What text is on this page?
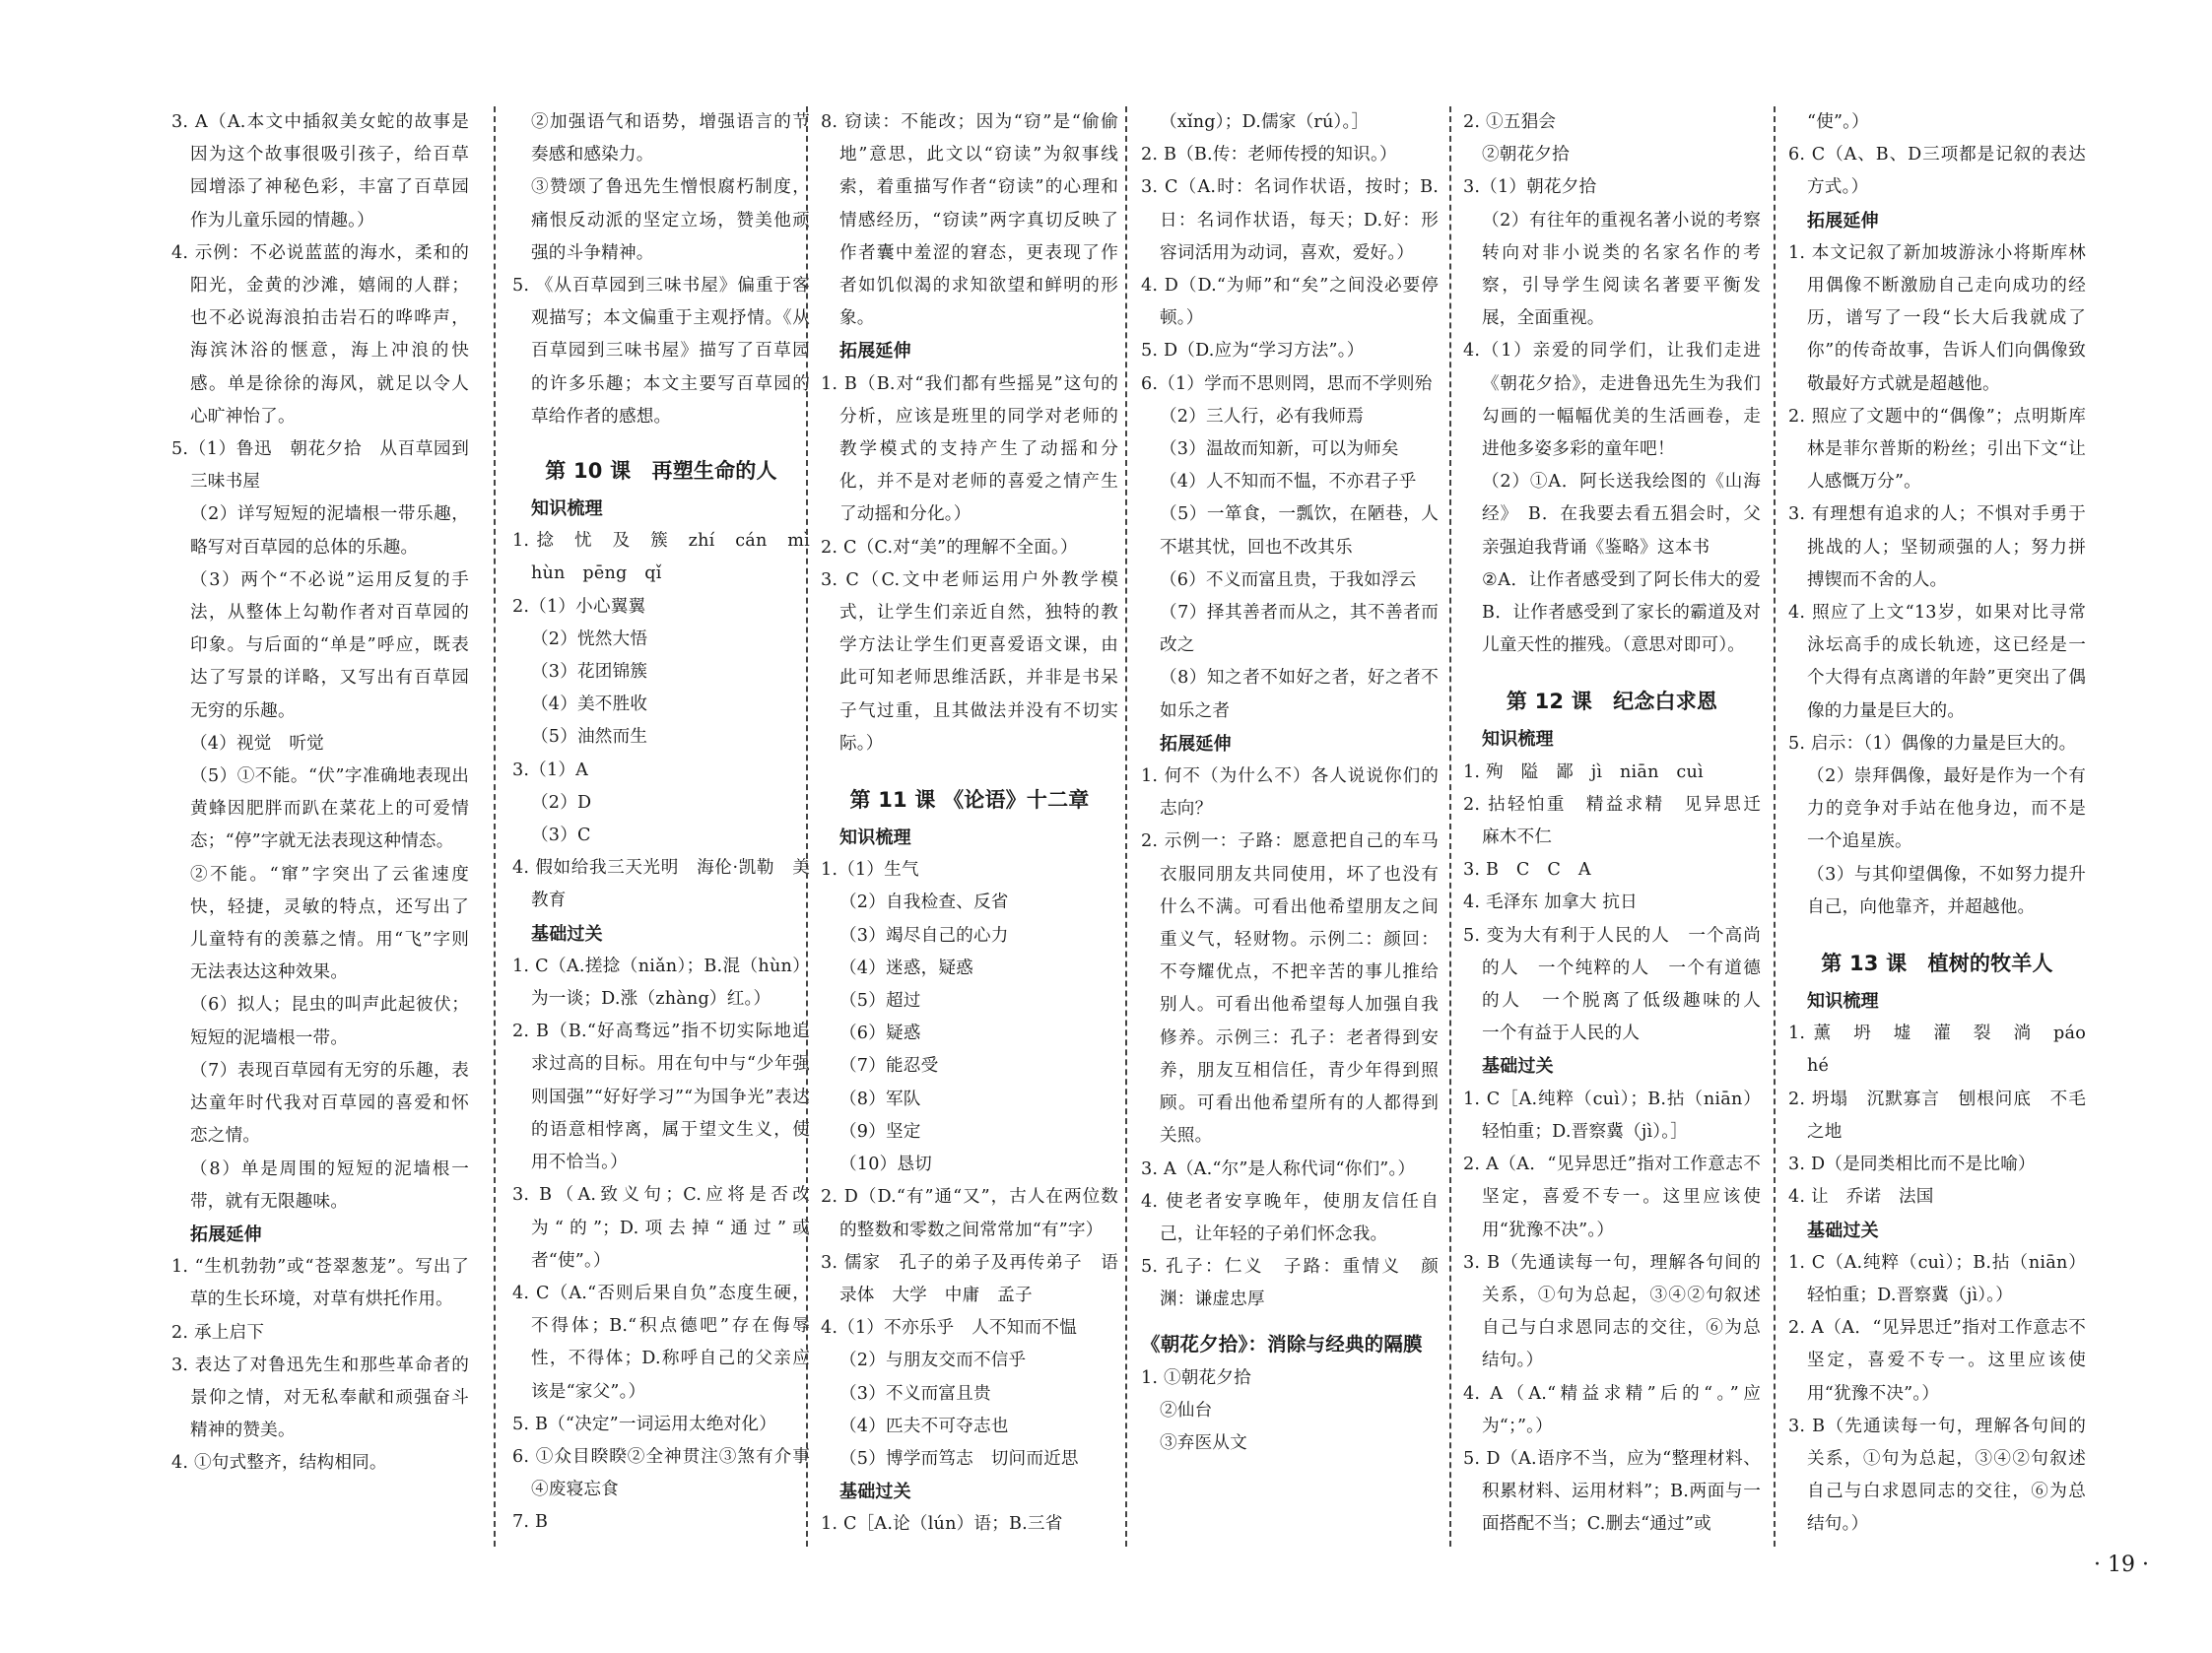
3. A（A.本文中插叙美女蛇的故事是因为这个故事很吸引孩子，给百草园增添了神秘色彩，丰富了百草园作为儿童乐园的情趣。）

4. 示例：不必说蓝蓝的海水，柔和的阳光，金黄的沙滩，嬉闹的人群；也不必说海浪拍击岩石的哗哗声，海滨沐浴的惬意，海上冲浪的快感。单是徐徐的海风，就足以令人心旷神怡了。

5.（1）鲁迅　朝花夕拾　从百草园到三味书屋

（2）详写短短的泥墙根一带乐趣，略写对百草园的总体的乐趣。

（3）两个“不必说”运用反复的手法，从整体上勾勒作者对百草园的印象。与后面的“单是”呼应，既表达了写景的详略，又写出有百草园无穷的乐趣。

（4）视觉　听觉

（5）①不能。“伏”字准确地表现出黄蜂因肥胖而趴在菜花上的可爱情态；“停”字就无法表现这种情态。

②不能。“窜”字突出了云雀速度快，轻捷，灵敏的特点，还写出了儿童特有的羡慕之情。用“飞”字则无法表达这种效果。

（6）拟人；昆虫的叫声此起彼伏；短短的泥墙根一带。

（7）表现百草园有无穷的乐趣，表达童年时代我对百草园的喜爱和怀恋之情。

（8）单是周围的短短的泥墙根一带，就有无限趣味。

拓展延伸

1. “生机勃勃”或“苍翠葱茏”。写出了草的生长环境，对草有烘托作用。

2. 承上启下

3. 表达了对鲁迅先生和那些革命者的景仰之情，对无私奉献和顽强奋斗精神的赞美。

4. ①句式整齐，结构相同。

②加强语气和语势，增强语言的节奏感和感染力。

③赞颂了鲁迅先生憎恨腐朽制度，痛恨反动派的坚定立场，赞美他顽强的斗争精神。

5. 《从百草园到三味书屋》偏重于客观描写；本文偏重于主观抒情。《从百草园到三味书屋》描写了百草园的许多乐趣；本文主要写百草园的草给作者的感想。

第 10 课　再塑生命的人

知识梳理

1. 捻　忧　及　簇　zhí　cán　mì　hùn　pēng　qǐ

2.（1）小心翼翼

（2）恍然大悟

（3）花团锦簇

（4）美不胜收

（5）油然而生

3.（1）A

（2）D

（3）C

4. 假如给我三天光明　海伦·凯勒　美　教育

基础过关

1. C（A.搓捻（niǎn）；B.混（hùn）为一谈；D.涨（zhàng）红。）

2. B（B.“好高骛远”指不切实际地追求过高的目标。用在句中与“少年强则国强”“好好学习”“为国争光”表达的语意相悖离，属于望文生义，使用不恰当。）

3. B（A.致义句；C.应将是否改为“的”；D.项去掉“通过”或者“使”。）

4. C（A.“否则后果自负”态度生硬，不得体；B.“积点德吧”存在侮辱性，不得体；D.称呼自己的父亲应该是“家父”。）

5. B（“决定”一词运用太绝对化）

6. ①众目睽睽②全神贯注③煞有介事④废寝忘食

7. B

8. 窃读：不能改；因为“窃”是“偷偷地”意思，此文以“窃读”为叙事线索，着重描写作者“窃读”的心理和情感经历，“窃读”两字真切反映了作者囊中羞涩的窘态，更表现了作者如饥似渴的求知欲望和鲜明的形象。

拓展延伸

1. B（B.对“我们都有些摇晃”这句的分析，应该是班里的同学对老师的教学模式的支持产生了动摇和分化，并不是对老师的喜爱之情产生了动摇和分化。）

2. C（C.对“美”的理解不全面。）

3. C（C.文中老师运用户外教学模式，让学生们亲近自然，独特的教学方法让学生们更喜爱语文课，由此可知老师思维活跃，并非是书呆子气过重，且其做法并没有不切实际。）

第 11 课 《论语》十二章

知识梳理

1.（1）生气

（2）自我检查、反省

（3）竭尽自己的心力

（4）迷惑，疑惑

（5）超过

（6）疑惑

（7）能忍受

（8）军队

（9）坚定

（10）恳切

2. D（D.“有”通“又”，古人在两位数的整数和零数之间常常加“有”字）

3. 儒家　孔子的弟子及再传弟子　语录体　大学　中庸　孟子

4.（1）不亦乐乎　人不知而不愠

（2）与朋友交而不信乎

（3）不义而富且贵

（4）匹夫不可夺志也

（5）博学而笃志　切问而近思

基础过关

1. C［A.论（lún）语；B.三省

（xǐng）；D.儒家（rú）。］

2. B（B.传：老师传授的知识。）

3. C（A.时：名词作状语，按时；B.日：名词作状语，每天；D.好：形容词活用为动词，喜欢，爱好。）

4. D（D.“为师”和“矣”之间没必要停顿。）

5. D（D.应为“学习方法”。）

6.（1）学而不思则罔，思而不学则殆

（2）三人行，必有我师焉

（3）温故而知新，可以为师矣

（4）人不知而不愠，不亦君子乎

（5）一箪食，一瓢饮，在陋巷，人不堪其忧，回也不改其乐

（6）不义而富且贵，于我如浮云

（7）择其善者而从之，其不善者而改之

（8）知之者不如好之者，好之者不如乐之者

拓展延伸

1. 何不（为什么不）各人说说你们的志向？

2. 示例一：子路：愿意把自己的车马衣服同朋友共同使用，坏了也没有什么不满。可看出他希望朋友之间重义气，轻财物。示例二：颜回：不夸耀优点，不把辛苦的事儿推给别人。可看出他希望每人加强自我修养。示例三：孔子：老者得到安养，朋友互相信任，青少年得到照顾。可看出他希望所有的人都得到关照。

3. A（A.“尔”是人称代词“你们”。）

4. 使老者安享晚年，使朋友信任自己，让年轻的子弟们怀念我。

5. 孔子：仁义　子路：重情义　颜渊：谦虚忠厚

《朝花夕拾》：消除与经典的隔膜

1. ①朝花夕拾

②仙台

③弃医从文

2. ①五猖会

②朝花夕拾

3.（1）朝花夕拾

（2）有往年的重视名著小说的考察转向对非小说类的名家名作的考察，引导学生阅读名著要平衡发展，全面重视。

4.（1）亲爱的同学们，让我们走进《朝花夕拾》，走进鲁迅先生为我们勾画的一幅幅优美的生活画卷，走进他多姿多彩的童年吧！

（2）①A．阿长送我绘图的《山海经》　B．在我要去看五猖会时，父亲强迫我背诵《鉴略》这本书

②A．让作者感受到了阿长伟大的爱　B．让作者感受到了家长的霸道及对儿童天性的摧残。（意思对即可）。

第 12 课　纪念白求恩

知识梳理

1. 殉　隘　鄙　jì　niān　cuì

2. 拈轻怕重　精益求精　见异思迁　麻木不仁

3. B　C　C　A

4. 毛泽东 加拿大 抗日

5. 变为大有利于人民的人　一个高尚的人　一个纯粹的人　一个有道德的人　一个脱离了低级趣味的人　一个有益于人民的人

基础过关

1. C［A.纯粹（cuì）；B.拈（niān）轻怕重；D.晋察冀（jì）。］

2. A（A．“见异思迁”指对工作意志不坚定，喜爱不专一。这里应该使用“犹豫不决”。）

3. B（先通读每一句，理解各句间的关系，①句为总起，③④②句叙述自己与白求恩同志的交往，⑥为总结句。）

4. A（A.“精益求精”后的“。”应为“；”。）

5. D（A.语序不当，应为“整理材料、积累材料、运用材料”；B.两面与一面搭配不当；C.删去“通过”或

“使”。）

6. C（A、B、D三项都是记叙的表达方式。）

拓展延伸

1. 本文记叙了新加坡游泳小将斯库林用偶像不断激励自己走向成功的经历，谱写了一段“长大后我就成了你”的传奇故事，告诉人们向偶像致敬最好方式就是超越他。

2. 照应了文题中的“偶像”；点明斯库林是菲尔普斯的粉丝；引出下文“让人感慨万分”。

3. 有理想有追求的人；不惧对手勇于挑战的人；坚韧顽强的人；努力拼搏锲而不舍的人。

4. 照应了上文“13岁，如果对比寻常泳坛高手的成长轨迹，这已经是一个大得有点离谱的年龄”更突出了偶像的力量是巨大的。

5. 启示：（1）偶像的力量是巨大的。

（2）崇拜偶像，最好是作为一个有力的竞争对手站在他身边，而不是一个追星族。

（3）与其仰望偶像，不如努力提升自己，向他靠齐，并超越他。

第 13 课　植树的牧羊人

知识梳理

1. 薰　坍　墟　灌　裂　淌　páo　hé

2. 坍塌　沉默寡言　刨根问底　不毛之地

3. D（是同类相比而不是比喻）

4. 让　乔诺　法国

基础过关

1. C（A.纯粹（cuì）；B.拈（niān）轻怕重；D.晋察冀（jì）。）

2. A（A．“见异思迁”指对工作意志不坚定，喜爱不专一。这里应该使用“犹豫不决”。）

3. B（先通读每一句，理解各句间的关系，①句为总起，③④②句叙述自己与白求恩同志的交往，⑥为总结句。）

· 19 ·
